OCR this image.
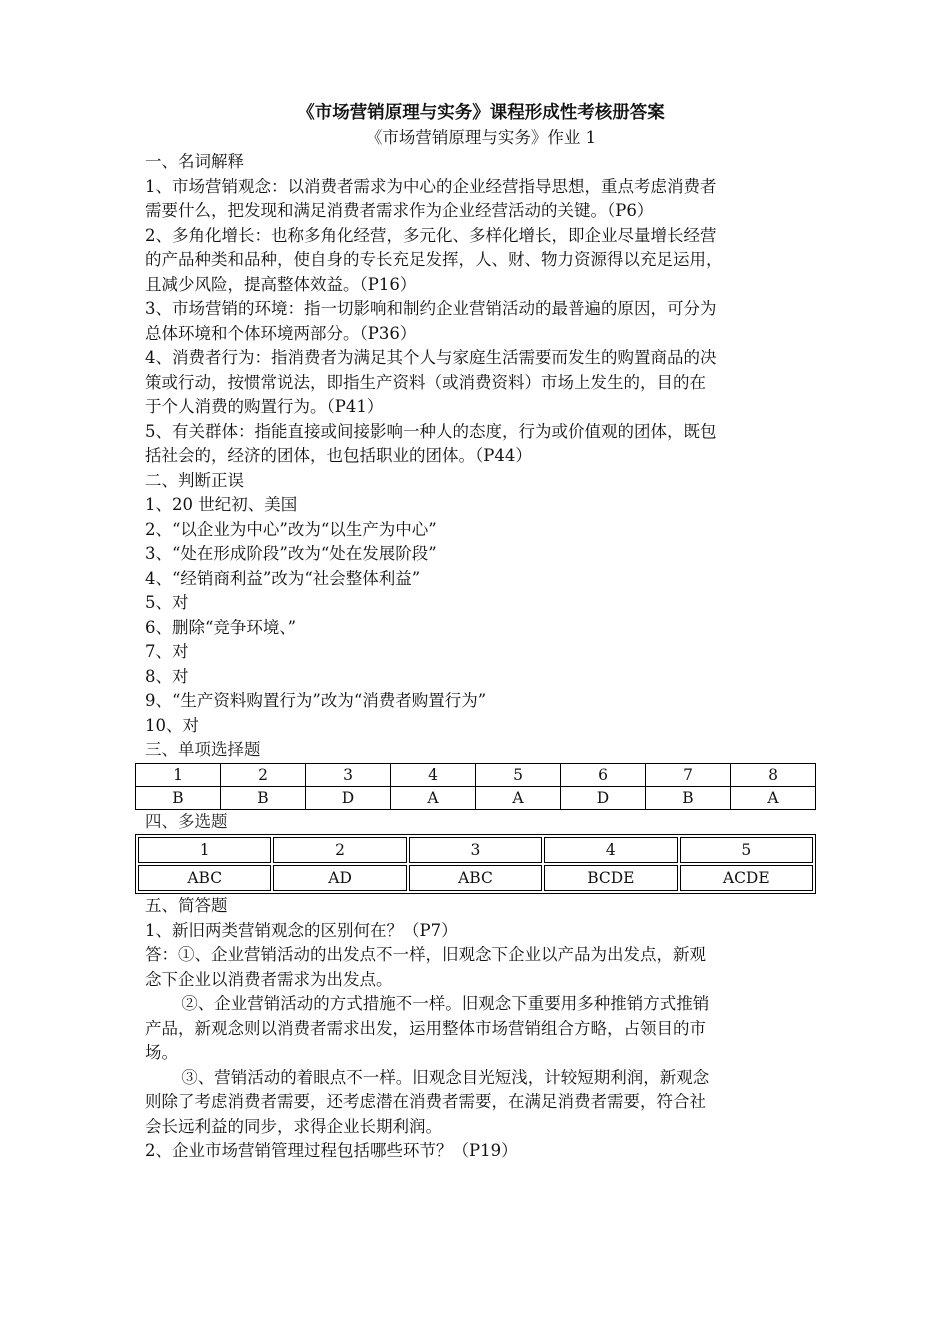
《市场营销原理与实务》课程形成性考核册答案
《市场营销原理与实务》作业 1
一、名词解释
1、市场营销观念：以消费者需求为中心的企业经营指导思想，重点考虑消费者
需要什么，把发现和满足消费者需求作为企业经营活动的关键。（P6）
2、多角化增长：也称多角化经营，多元化、多样化增长，即企业尽量增长经营
的产品种类和品种，使自身的专长充足发挥，人、财、物力资源得以充足运用，
且减少风险，提高整体效益。（P16）
3、市场营销的环境：指一切影响和制约企业营销活动的最普遍的原因，可分为
总体环境和个体环境两部分。（P36）
4、消费者行为：指消费者为满足其个人与家庭生活需要而发生的购置商品的决
策或行动，按惯常说法，即指生产资料（或消费资料）市场上发生的，目的在
于个人消费的购置行为。（P41）
5、有关群体：指能直接或间接影响一种人的态度，行为或价值观的团体，既包
括社会的，经济的团体，也包括职业的团体。（P44）
二、判断正误
1、20 世纪初、美国
2、“以企业为中心”改为“以生产为中心”
3、“处在形成阶段”改为“处在发展阶段”
4、“经销商利益”改为“社会整体利益”
5、对
6、删除“竞争环境、”
7、对
8、对
9、“生产资料购置行为”改为“消费者购置行为”
10、对
三、单项选择题
1	2	3	4	5	6	7	8
B	B	D	A	A	D	B	A
四、多选题
1	2	3	4	5
ABC	AD	ABC	BCDE	ACDE
五、简答题
1、新旧两类营销观念的区别何在？（P7）
答：①、企业营销活动的出发点不一样，旧观念下企业以产品为出发点，新观
念下企业以消费者需求为出发点。
②、企业营销活动的方式措施不一样。旧观念下重要用多种推销方式推销
产品，新观念则以消费者需求出发，运用整体市场营销组合方略，占领目的市
场。
③、营销活动的着眼点不一样。旧观念目光短浅，计较短期利润，新观念
则除了考虑消费者需要，还考虑潜在消费者需要，在满足消费者需要，符合社
会长远利益的同步，求得企业长期利润。
2、企业市场营销管理过程包括哪些环节？（P19）
